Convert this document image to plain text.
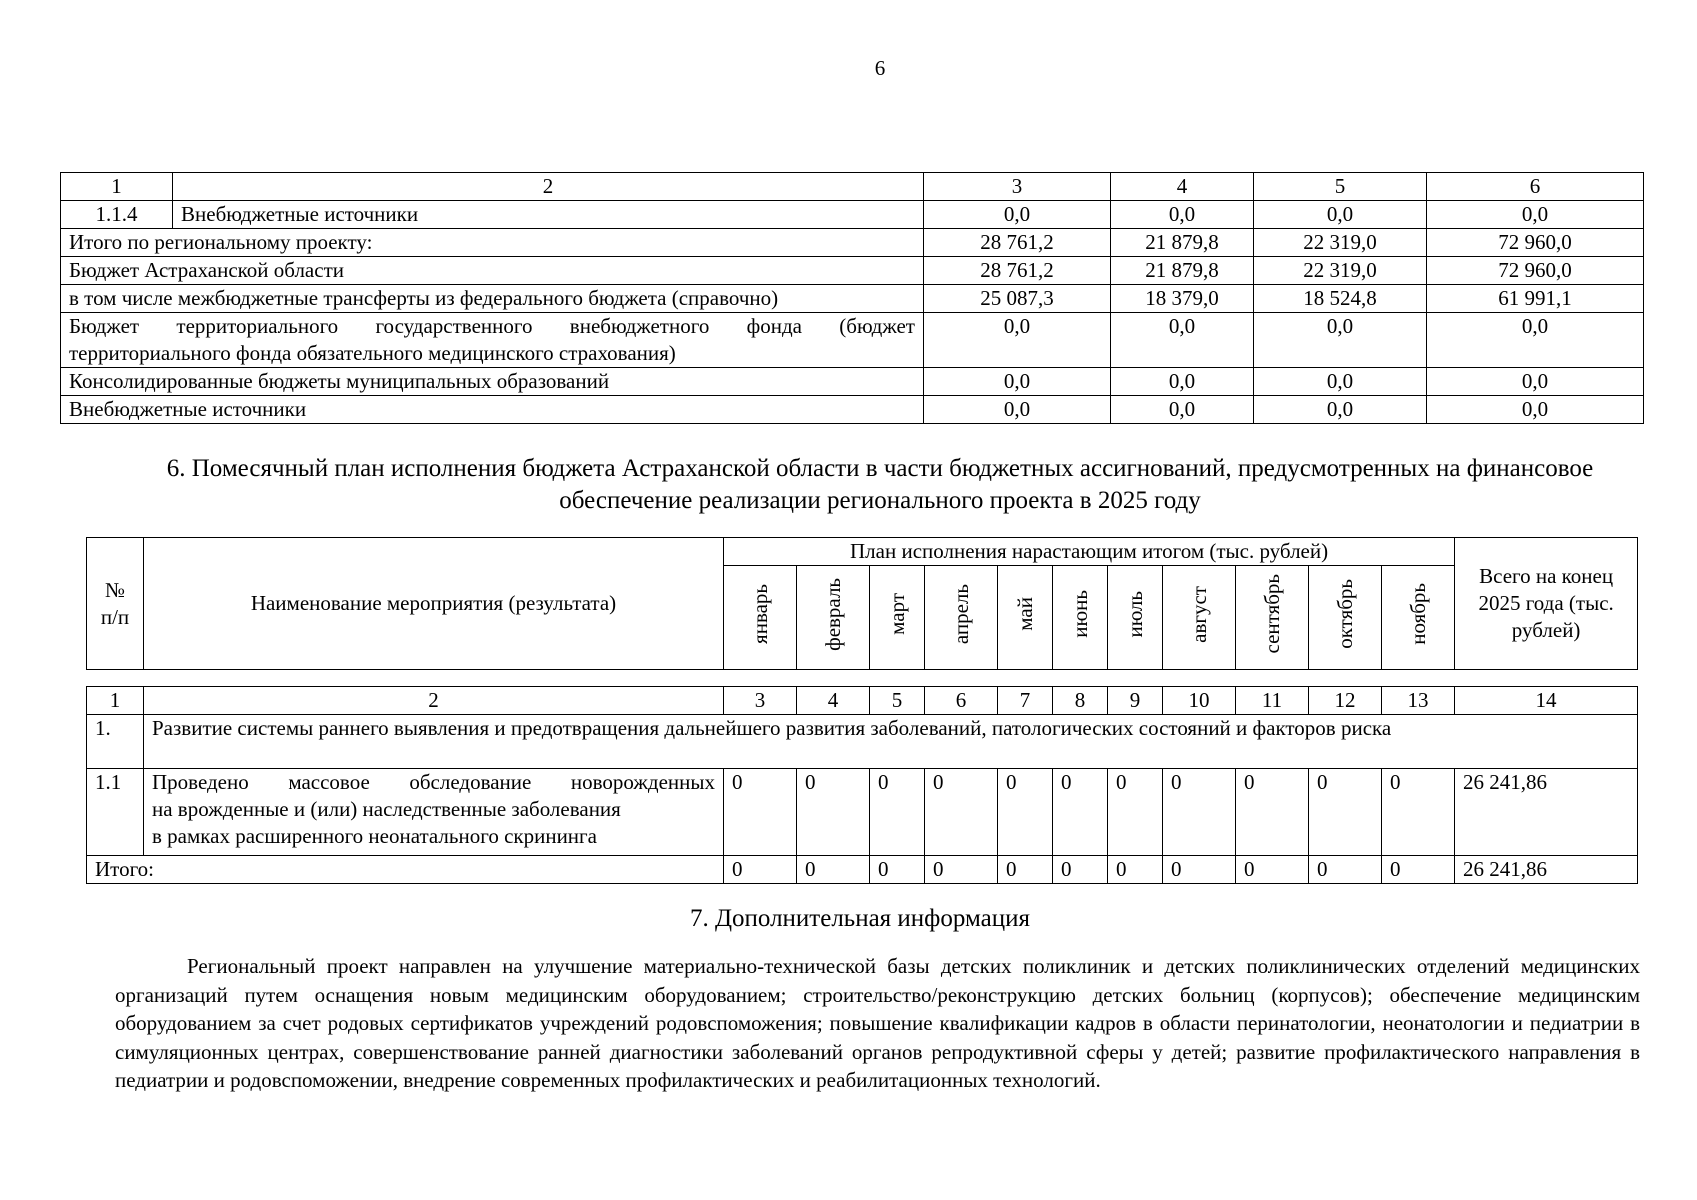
6
1	2	3	4	5	6
1.1.4	Внебюджетные источники	0,0	0,0	0,0	0,0
Итого по региональному проекту:		28 761,2	21 879,8	22 319,0	72 960,0
Бюджет Астраханской области		28 761,2	21 879,8	22 319,0	72 960,0
в том числе межбюджетные трансферты из федерального бюджета (справочно)		25 087,3	18 379,0	18 524,8	61 991,1
Бюджет территориального государственного внебюджетного фонда (бюджет территориального фонда обязательного медицинского страхования)		0,0	0,0	0,0	0,0
Консолидированные бюджеты муниципальных образований		0,0	0,0	0,0	0,0
Внебюджетные источники		0,0	0,0	0,0	0,0
6. Помесячный план исполнения бюджета Астраханской области в части бюджетных ассигнований, предусмотренных на финансовое обеспечение реализации регионального проекта в 2025 году
№ п/п	Наименование мероприятия (результата)	План исполнения нарастающим итогом (тыс. рублей)											Всего на конец 2025 года (тыс. рублей)
		январь	февраль	март	апрель	май	июнь	июль	август	сентябрь	октябрь	ноябрь	
1	2	3	4	5	6	7	8	9	10	11	12	13	14
1.	Развитие системы раннего выявления и предотвращения дальнейшего развития заболеваний, патологических состояний и факторов риска												
1.1	Проведено массовое обследование новорожденных
на врожденные и (или) наследственные заболевания
в рамках расширенного неонатального скрининга	0	0	0	0	0	0	0	0	0	0	0	26 241,86
Итого:		0	0	0	0	0	0	0	0	0	0	0	26 241,86
7. Дополнительная информация

Региональный проект направлен на улучшение материально-технической базы детских поликлиник и детских поликлинических отделений медицинских организаций путем оснащения новым медицинским оборудованием; строительство/реконструкцию детских больниц (корпусов); обеспечение медицинским оборудованием за счет родовых сертификатов учреждений родовспоможения; повышение квалификации кадров в области перинатологии, неонатологии и педиатрии в симуляционных центрах, совершенствование ранней диагностики заболеваний органов репродуктивной сферы у детей; развитие профилактического направления в педиатрии и родовспоможении, внедрение современных профилактических и реабилитационных технологий.
